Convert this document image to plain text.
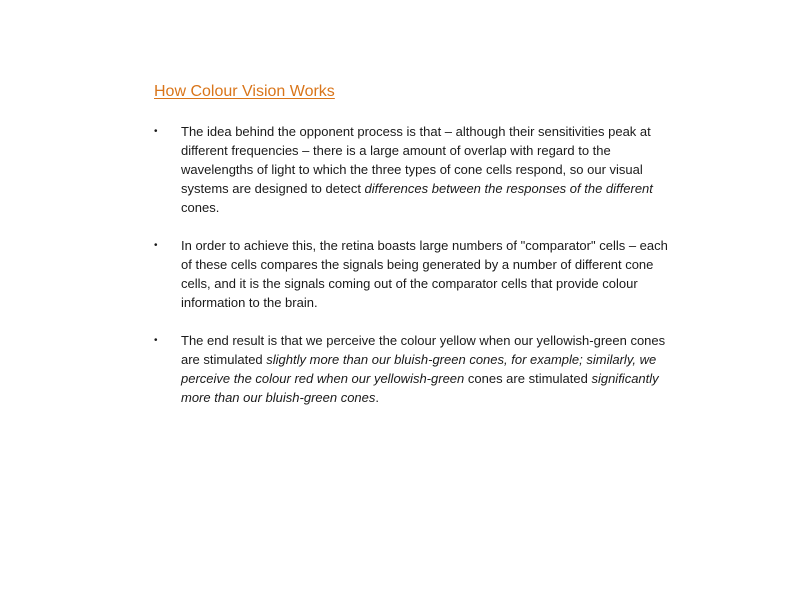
How Colour Vision Works
• The idea behind the opponent process is that – although their sensitivities peak at different frequencies – there is a large amount of overlap with regard to the wavelengths of light to which the three types of cone cells respond, so our visual systems are designed to detect differences between the responses of the different cones.
• In order to achieve this, the retina boasts large numbers of "comparator" cells – each of these cells compares the signals being generated by a number of different cone cells, and it is the signals coming out of the comparator cells that provide colour information to the brain.
• The end result is that we perceive the colour yellow when our yellowish-green cones are stimulated slightly more than our bluish-green cones, for example; similarly, we perceive the colour red when our yellowish-green cones are stimulated significantly more than our bluish-green cones.
